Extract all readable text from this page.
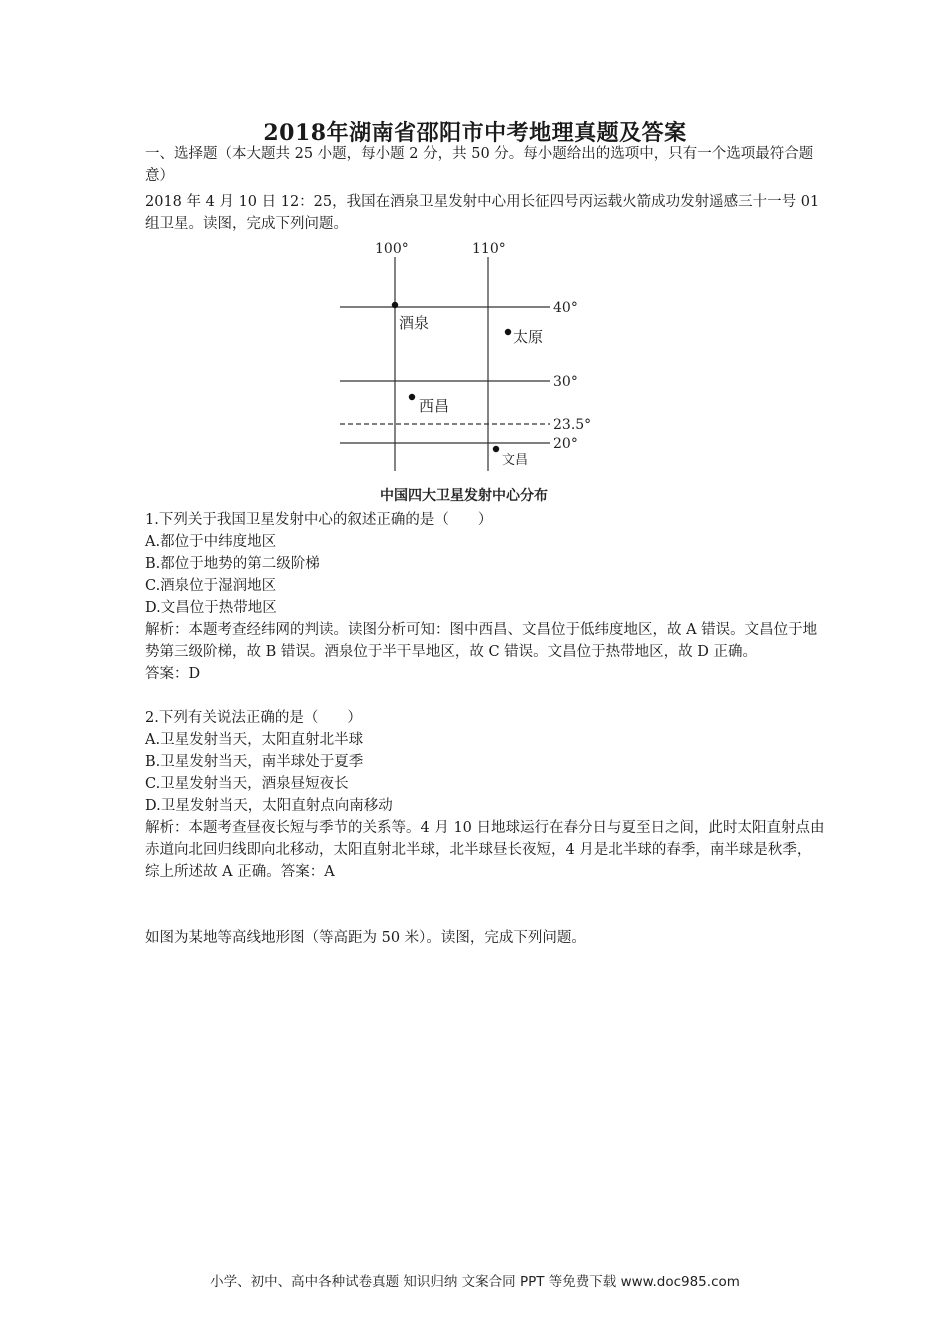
2018年湖南省邵阳市中考地理真题及答案

一、选择题（本大题共 25 小题，每小题 2 分，共 50 分。每小题给出的选项中，只有一个选项最符合题意）

2018 年 4 月 10 日 12：25，我国在酒泉卫星发射中心用长征四号丙运载火箭成功发射遥感三十一号 01 组卫星。读图，完成下列问题。

100°	110°
40°
30°
23.5°
20°
酒泉
太原
西昌
文昌
中国四大卫星发射中心分布

1.下列关于我国卫星发射中心的叙述正确的是（　　）

A.都位于中纬度地区

B.都位于地势的第二级阶梯

C.酒泉位于湿润地区

D.文昌位于热带地区

解析：本题考查经纬网的判读。读图分析可知：图中西昌、文昌位于低纬度地区，故 A 错误。文昌位于地势第三级阶梯，故 B 错误。酒泉位于半干旱地区，故 C 错误。文昌位于热带地区，故 D 正确。

答案：D

2.下列有关说法正确的是（　　）

A.卫星发射当天，太阳直射北半球

B.卫星发射当天，南半球处于夏季

C.卫星发射当天，酒泉昼短夜长

D.卫星发射当天，太阳直射点向南移动

解析：本题考查昼夜长短与季节的关系等。4 月 10 日地球运行在春分日与夏至日之间，此时太阳直射点由赤道向北回归线即向北移动，太阳直射北半球，北半球昼长夜短，4 月是北半球的春季，南半球是秋季，综上所述故 A 正确。答案：A

如图为某地等高线地形图（等高距为 50 米）。读图，完成下列问题。

小学、初中、高中各种试卷真题 知识归纳 文案合同 PPT 等免费下载 www.doc985.com
